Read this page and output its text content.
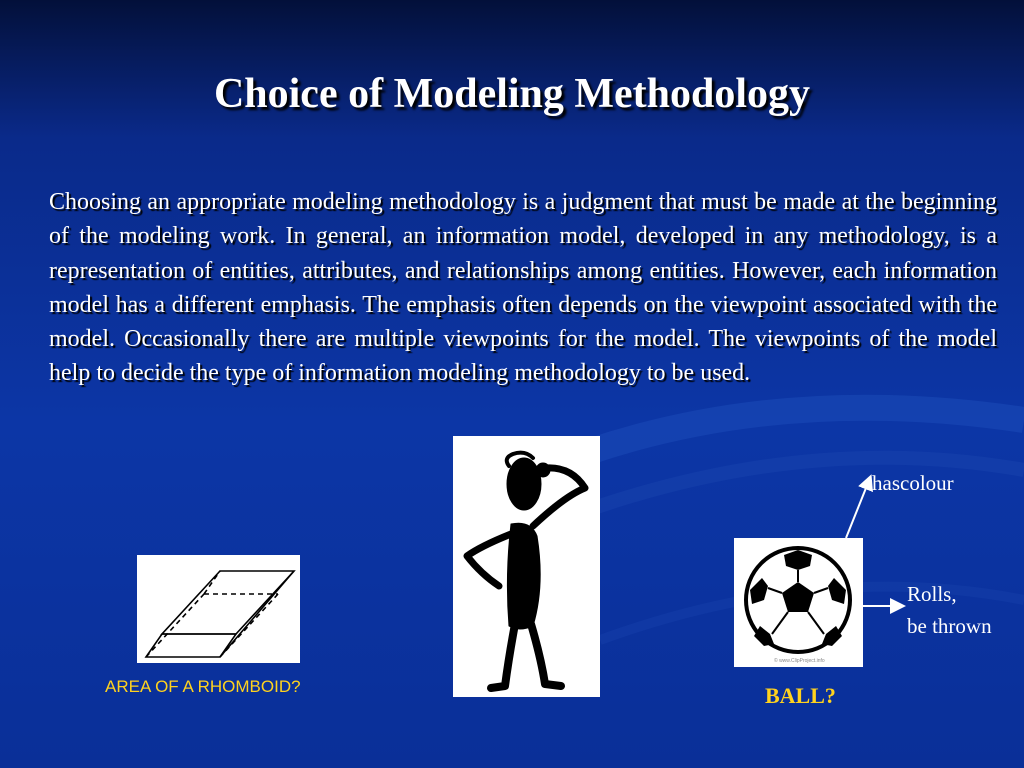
Choice of Modeling Methodology
Choosing an appropriate modeling methodology is a judgment that must be made at the beginning of the modeling work. In general, an information model, developed in any methodology, is a representation of entities, attributes, and relationships among entities. However, each information model has a different emphasis. The emphasis often depends on the viewpoint associated with the model. Occasionally there are multiple viewpoints for the model. The viewpoints of the model help to decide the type of information modeling methodology to be used.
AREA OF A RHOMBOID?
© www.ClipProject.info
BALL?
hascolour
Rolls,
be thrown
